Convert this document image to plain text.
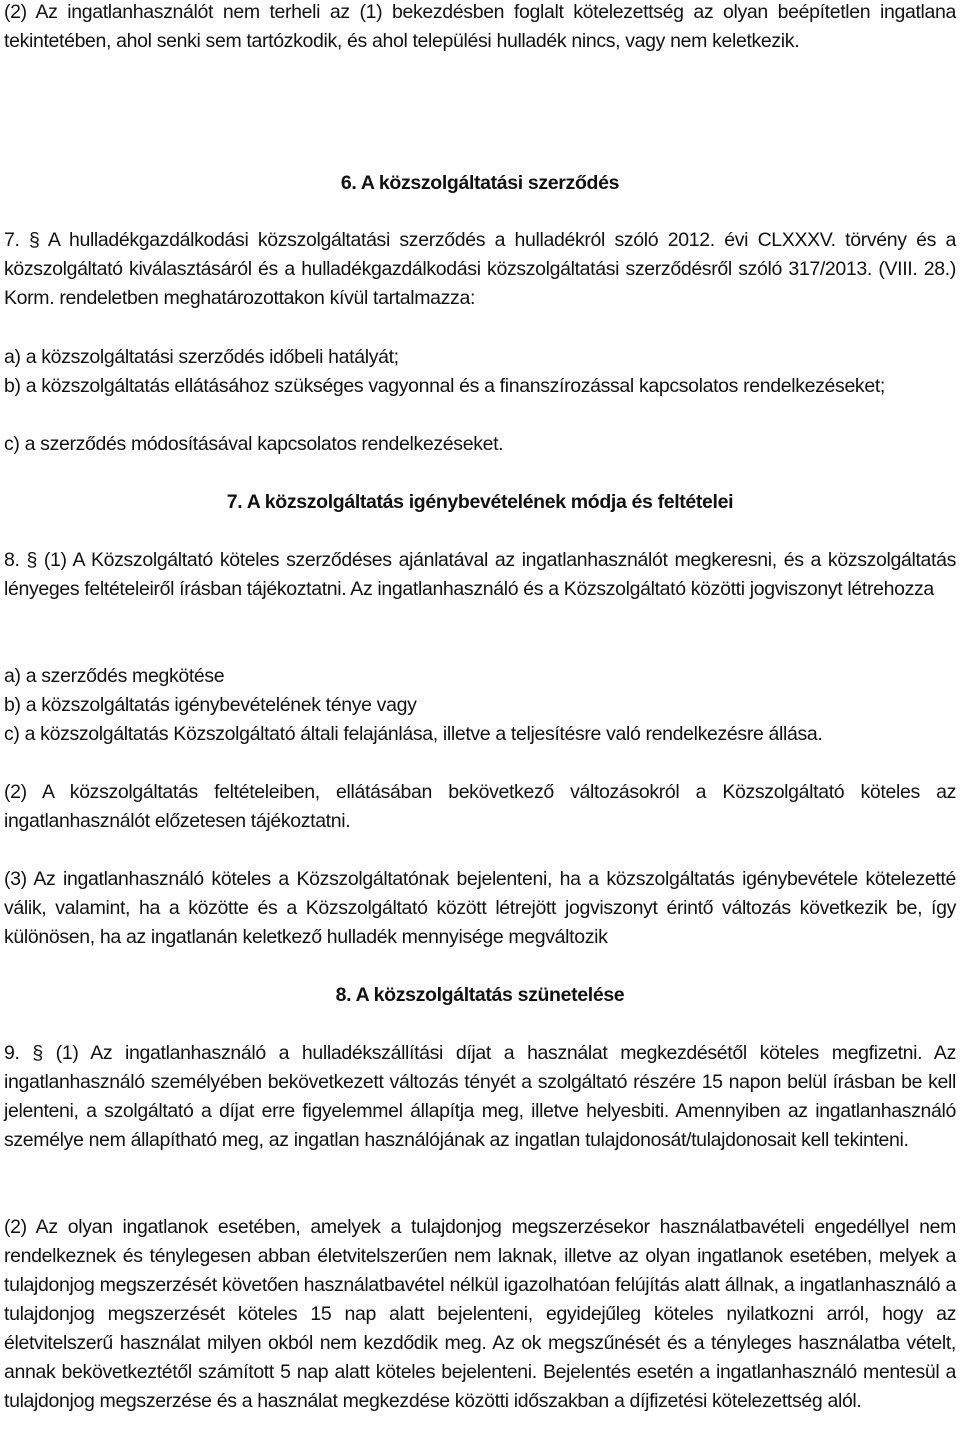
(2) Az ingatlanhasználót nem terheli az (1) bekezdésben foglalt kötelezettség az olyan beépítetlen ingatlana tekintetében, ahol senki sem tartózkodik, és ahol települési hulladék nincs, vagy nem keletkezik.

6. A közszolgáltatási szerződés

7. § A hulladékgazdálkodási közszolgáltatási szerződés a hulladékról szóló 2012. évi CLXXXV. törvény és a közszolgáltató kiválasztásáról és a hulladékgazdálkodási közszolgáltatási szerződésről szóló 317/2013. (VIII. 28.) Korm. rendeletben meghatározottakon kívül tartalmazza:

a) a közszolgáltatási szerződés időbeli hatályát;

b) a közszolgáltatás ellátásához szükséges vagyonnal és a finanszírozással kapcsolatos rendelkezéseket;

c) a szerződés módosításával kapcsolatos rendelkezéseket.

7. A közszolgáltatás igénybevételének módja és feltételei

8. § (1) A Közszolgáltató köteles szerződéses ajánlatával az ingatlanhasználót megkeresni, és a közszolgáltatás lényeges feltételeiről írásban tájékoztatni. Az ingatlanhasználó és a Közszolgáltató közötti jogviszonyt létrehozza

a) a szerződés megkötése

b) a közszolgáltatás igénybevételének ténye vagy

c) a közszolgáltatás Közszolgáltató általi felajánlása, illetve a teljesítésre való rendelkezésre állása.

(2) A közszolgáltatás feltételeiben, ellátásában bekövetkező változásokról a Közszolgáltató köteles az ingatlanhasználót előzetesen tájékoztatni.

(3) Az ingatlanhasználó köteles a Közszolgáltatónak bejelenteni, ha a közszolgáltatás igénybevétele kötelezetté válik, valamint, ha a közötte és a Közszolgáltató között létrejött jogviszonyt érintő változás következik be, így különösen, ha az ingatlanán keletkező hulladék mennyisége megváltozik

8. A közszolgáltatás szünetelése

9. § (1) Az ingatlanhasználó a hulladékszállítási díjat a használat megkezdésétől köteles megfizetni. Az ingatlanhasználó személyében bekövetkezett változás tényét a szolgáltató részére 15 napon belül írásban be kell jelenteni, a szolgáltató a díjat erre figyelemmel állapítja meg, illetve helyesbiti. Amennyiben az ingatlanhasználó személye nem állapítható meg, az ingatlan használójának az ingatlan tulajdonosát/tulajdonosait kell tekinteni.

(2) Az olyan ingatlanok esetében, amelyek a tulajdonjog megszerzésekor használatbavételi engedéllyel nem rendelkeznek és ténylegesen abban életvitelszerűen nem laknak, illetve az olyan ingatlanok esetében, melyek a tulajdonjog megszerzését követően használatbavétel nélkül igazolhatóan felújítás alatt állnak, a ingatlanhasználó a tulajdonjog megszerzését köteles 15 nap alatt bejelenteni, egyidejűleg köteles nyilatkozni arról, hogy az életvitelszerű használat milyen okból nem kezdődik meg. Az ok megszűnését és a tényleges használatba vételt, annak bekövetkeztétől számított 5 nap alatt köteles bejelenteni. Bejelentés esetén a ingatlanhasználó mentesül a tulajdonjog megszerzése és a használat megkezdése közötti időszakban a díjfizetési kötelezettség alól.
